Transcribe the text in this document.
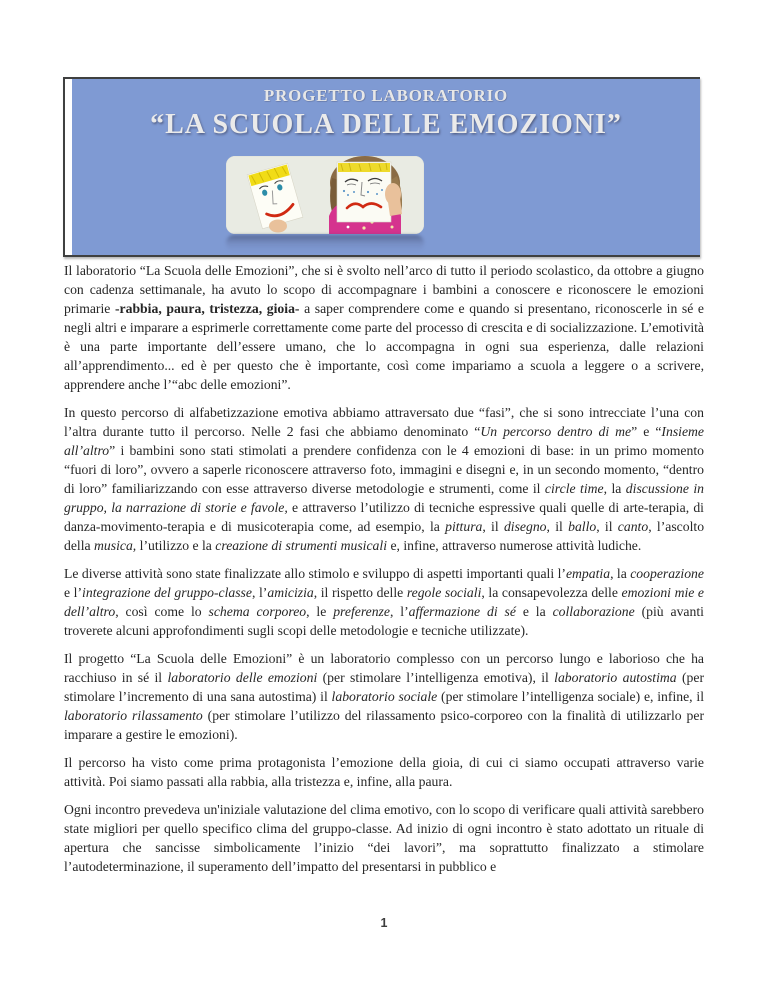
PROGETTO LABORATORIO
“LA SCUOLA DELLE EMOZIONI”

Il laboratorio “La Scuola delle Emozioni”, che si è svolto nell’arco di tutto il periodo scolastico, da ottobre a giugno con cadenza settimanale, ha avuto lo scopo di accompagnare i bambini a conoscere e riconoscere le emozioni primarie -rabbia, paura, tristezza, gioia- a saper comprendere come e quando si presentano, riconoscerle in sé e negli altri e imparare a esprimerle correttamente come parte del processo di crescita e di socializzazione. L’emotività è una parte importante dell’essere umano, che lo accompagna in ogni sua esperienza, dalle relazioni all’apprendimento... ed è per questo che è importante, così come impariamo a scuola a leggere o a scrivere, apprendere anche l’“abc delle emozioni”.

In questo percorso di alfabetizzazione emotiva abbiamo attraversato due “fasi”, che si sono intrecciate l’una con l’altra durante tutto il percorso. Nelle 2 fasi che abbiamo denominato “Un percorso dentro di me” e “Insieme all’altro” i bambini sono stati stimolati a prendere confidenza con le 4 emozioni di base: in un primo momento “fuori di loro”, ovvero a saperle riconoscere attraverso foto, immagini e disegni e, in un secondo momento, “dentro di loro” familiarizzando con esse attraverso diverse metodologie e strumenti, come il circle time, la discussione in gruppo, la narrazione di storie e favole, e attraverso l’utilizzo di tecniche espressive quali quelle di arte-terapia, di danza-movimento-terapia e di musicoterapia come, ad esempio, la pittura, il disegno, il ballo, il canto, l’ascolto della musica, l’utilizzo e la creazione di strumenti musicali e, infine, attraverso numerose attività ludiche.

Le diverse attività sono state finalizzate allo stimolo e sviluppo di aspetti importanti quali l’empatia, la cooperazione e l’integrazione del gruppo-classe, l’amicizia, il rispetto delle regole sociali, la consapevolezza delle emozioni mie e dell’altro, così come lo schema corporeo, le preferenze, l’affermazione di sé e la collaborazione (più avanti troverete alcuni approfondimenti sugli scopi delle metodologie e tecniche utilizzate).

Il progetto “La Scuola delle Emozioni” è un laboratorio complesso con un percorso lungo e laborioso che ha racchiuso in sé il laboratorio delle emozioni (per stimolare l’intelligenza emotiva), il laboratorio autostima (per stimolare l’incremento di una sana autostima) il laboratorio sociale (per stimolare l’intelligenza sociale) e, infine, il laboratorio rilassamento (per stimolare l’utilizzo del rilassamento psico-corporeo con la finalità di utilizzarlo per imparare a gestire le emozioni).

Il percorso ha visto come prima protagonista l’emozione della gioia, di cui ci siamo occupati attraverso varie attività. Poi siamo passati alla rabbia, alla tristezza e, infine, alla paura.

Ogni incontro prevedeva un'iniziale valutazione del clima emotivo, con lo scopo di verificare quali attività sarebbero state migliori per quello specifico clima del gruppo-classe. Ad inizio di ogni incontro è stato adottato un rituale di apertura che sancisse simbolicamente l’inizio “dei lavori”, ma soprattutto finalizzato a stimolare l’autodeterminazione, il superamento dell’impatto del presentarsi in pubblico e

1
